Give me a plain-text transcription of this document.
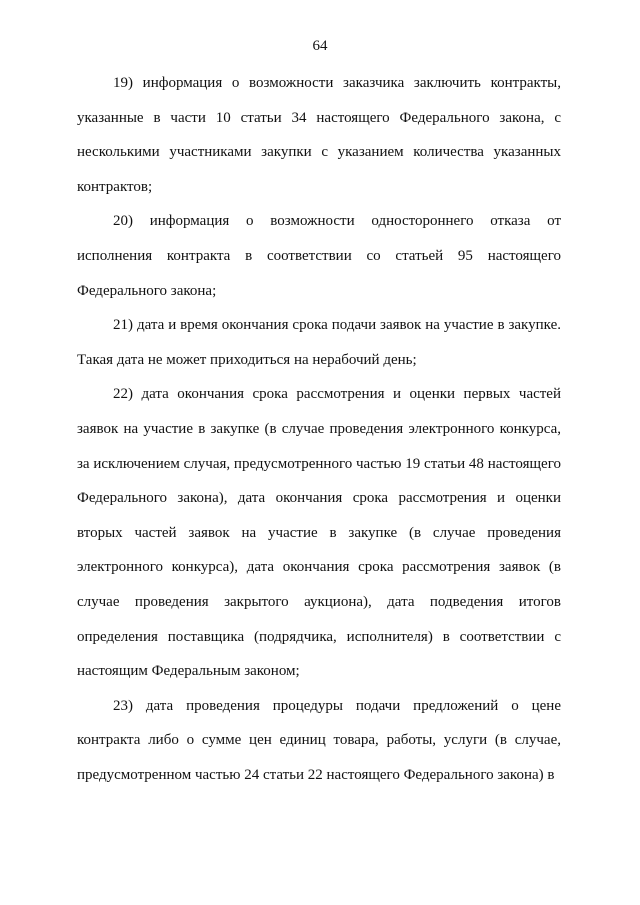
64

19) информация о возможности заказчика заключить контракты, указанные в части 10 статьи 34 настоящего Федерального закона, с несколькими участниками закупки с указанием количества указанных контрактов;

20) информация о возможности одностороннего отказа от исполнения контракта в соответствии со статьей 95 настоящего Федерального закона;

21) дата и время окончания срока подачи заявок на участие в закупке. Такая дата не может приходиться на нерабочий день;

22) дата окончания срока рассмотрения и оценки первых частей заявок на участие в закупке (в случае проведения электронного конкурса, за исключением случая, предусмотренного частью 19 статьи 48 настоящего Федерального закона), дата окончания срока рассмотрения и оценки вторых частей заявок на участие в закупке (в случае проведения электронного конкурса), дата окончания срока рассмотрения заявок (в случае проведения закрытого аукциона), дата подведения итогов определения поставщика (подрядчика, исполнителя) в соответствии с настоящим Федеральным законом;

23) дата проведения процедуры подачи предложений о цене контракта либо о сумме цен единиц товара, работы, услуги (в случае, предусмотренном частью 24 статьи 22 настоящего Федерального закона) в
